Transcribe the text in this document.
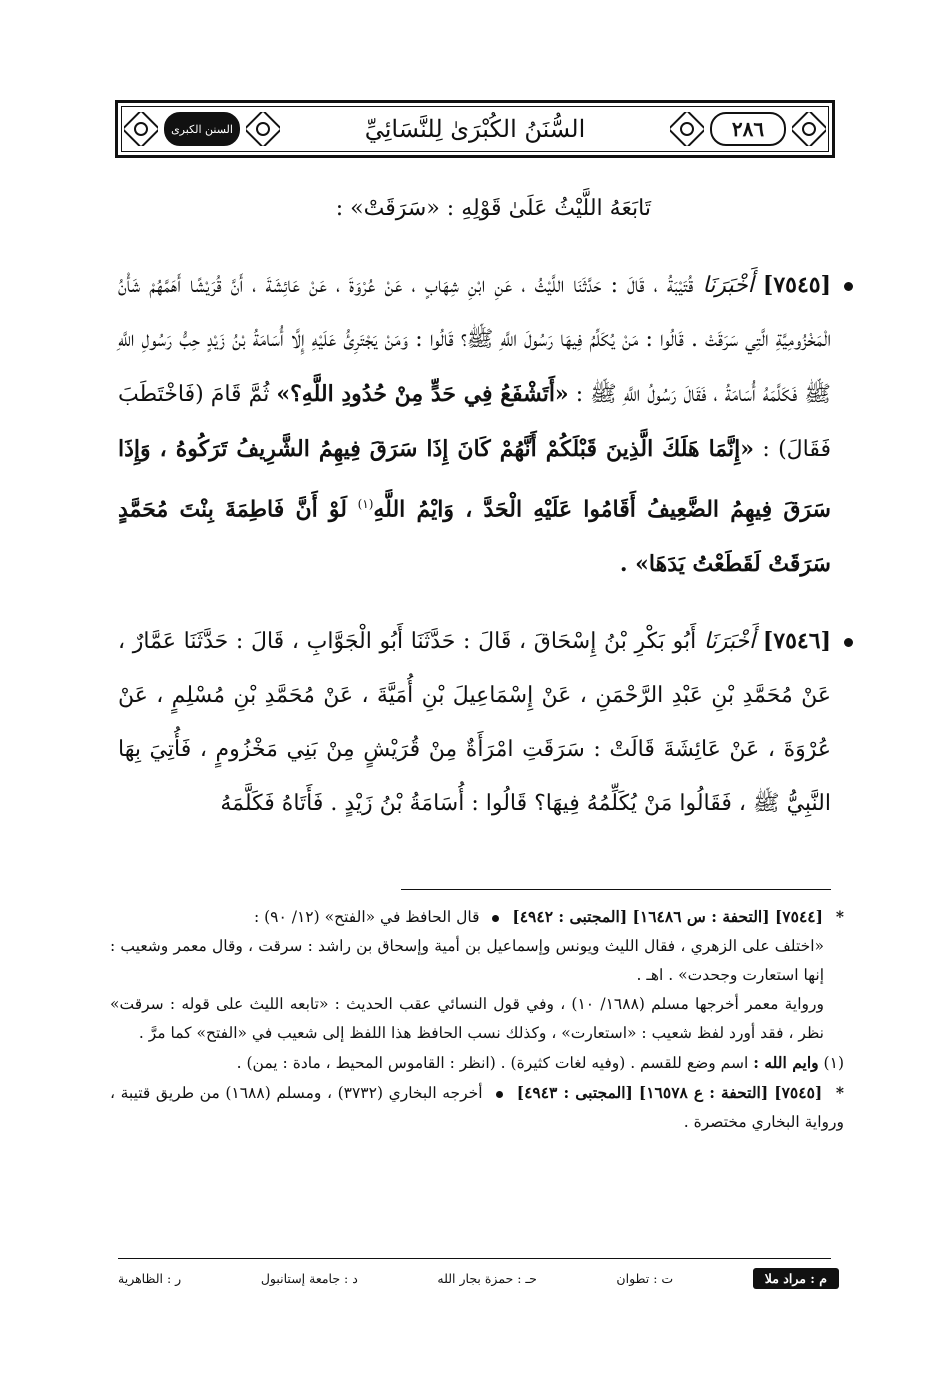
٢٨٦
السُّنَنُ الكُبْرَىٰ لِلنَّسَائِيِّ
السنن الكبرى

تَابَعَهُ اللَّيْثُ عَلَىٰ قَوْلِهِ : «سَرَقَتْ» :

[٧٥٤٥] أَخْبَرَنَا قُتَيْبَةُ ، قَالَ : حَدَّثَنَا اللَّيْثُ ، عَنِ ابْنِ شِهَابٍ ، عَنْ عُرْوَةَ ، عَنْ عَائِشَةَ ، أَنَّ قُرَيْشًا أَهَمَّهُمْ شَأْنُ الْمَخْزُومِيَّةِ الَّتِي سَرَقَتْ . قَالُوا : مَنْ يُكَلِّمُ فِيهَا رَسُولَ اللَّهِ ﷺ؟ قَالُوا : وَمَنْ يَجْتَرِئُ عَلَيْهِ إِلَّا أُسَامَةُ بْنُ زَيْدٍ حِبُّ رَسُولِ اللَّهِ ﷺ فَكَلَّمَهُ أُسَامَةُ ، فَقَالَ رَسُولُ اللَّهِ ﷺ : «أَتَشْفَعُ فِي حَدٍّ مِنْ حُدُودِ اللَّهِ؟» ثُمَّ قَامَ (فَاخْتَطَبَ فَقَالَ) : «إِنَّمَا هَلَكَ الَّذِينَ قَبْلَكُمْ أَنَّهُمْ كَانَ إِذَا سَرَقَ فِيهِمُ الشَّرِيفُ تَرَكُوهُ ، وَإِذَا سَرَقَ فِيهِمُ الضَّعِيفُ أَقَامُوا عَلَيْهِ الْحَدَّ ، وَايْمُ اللَّهِ$^{(١)}$ لَوْ أَنَّ فَاطِمَةَ بِنْتَ مُحَمَّدٍ سَرَقَتْ لَقَطَعْتُ يَدَهَا» .

[٧٥٤٦] أَخْبَرَنَا أَبُو بَكْرِ بْنُ إِسْحَاقَ ، قَالَ : حَدَّثَنَا أَبُو الْجَوَّابِ ، قَالَ : حَدَّثَنَا عَمَّارٌ ، عَنْ مُحَمَّدِ بْنِ عَبْدِ الرَّحْمَنِ ، عَنْ إِسْمَاعِيلَ بْنِ أُمَيَّةَ ، عَنْ مُحَمَّدِ بْنِ مُسْلِمٍ ، عَنْ عُرْوَةَ ، عَنْ عَائِشَةَ قَالَتْ : سَرَقَتِ امْرَأَةٌ مِنْ قُرَيْشٍ مِنْ بَنِي مَخْزُومٍ ، فَأُتِيَ بِهَا النَّبِيُّ ﷺ ، فَقَالُوا مَنْ يُكَلِّمُهُ فِيهَا؟ قَالُوا : أُسَامَةُ بْنُ زَيْدٍ . فَأَتَاهُ فَكَلَّمَهُ

* [٧٥٤٤] [التحفة : س ١٦٤٨٦] [المجتبى : ٤٩٤٢]  قال الحافظ في «الفتح» (١٢/ ٩٠) :

«اختلف على الزهري ، فقال الليث ويونس وإسماعيل بن أمية وإسحاق بن راشد : سرقت ، وقال معمر وشعيب : إنها استعارت وجحدت» . اهـ .

ورواية معمر أخرجها مسلم (١٦٨٨/ ١٠) ، وفي قول النسائي عقب الحديث : «تابعه الليث على قوله : سرقت» نظر ، فقد أورد لفظ شعيب : «استعارت» ، وكذلك نسب الحافظ هذا اللفظ إلى شعيب في «الفتح» كما مرَّ .

(١) وايم الله : اسم وضع للقسم . (وفيه لغات كثيرة) . (انظر : القاموس المحيط ، مادة : يمن) .

* [٧٥٤٥] [التحفة : ع ١٦٥٧٨] [المجتبى : ٤٩٤٣]  أخرجه البخاري (٣٧٣٢) ، ومسلم (١٦٨٨) من طريق قتيبة ، ورواية البخاري مختصرة .

م : مراد ملا
ت : تطوان
حـ : حمزة بجار الله
د : جامعة إستانبول
ر : الظاهرية
